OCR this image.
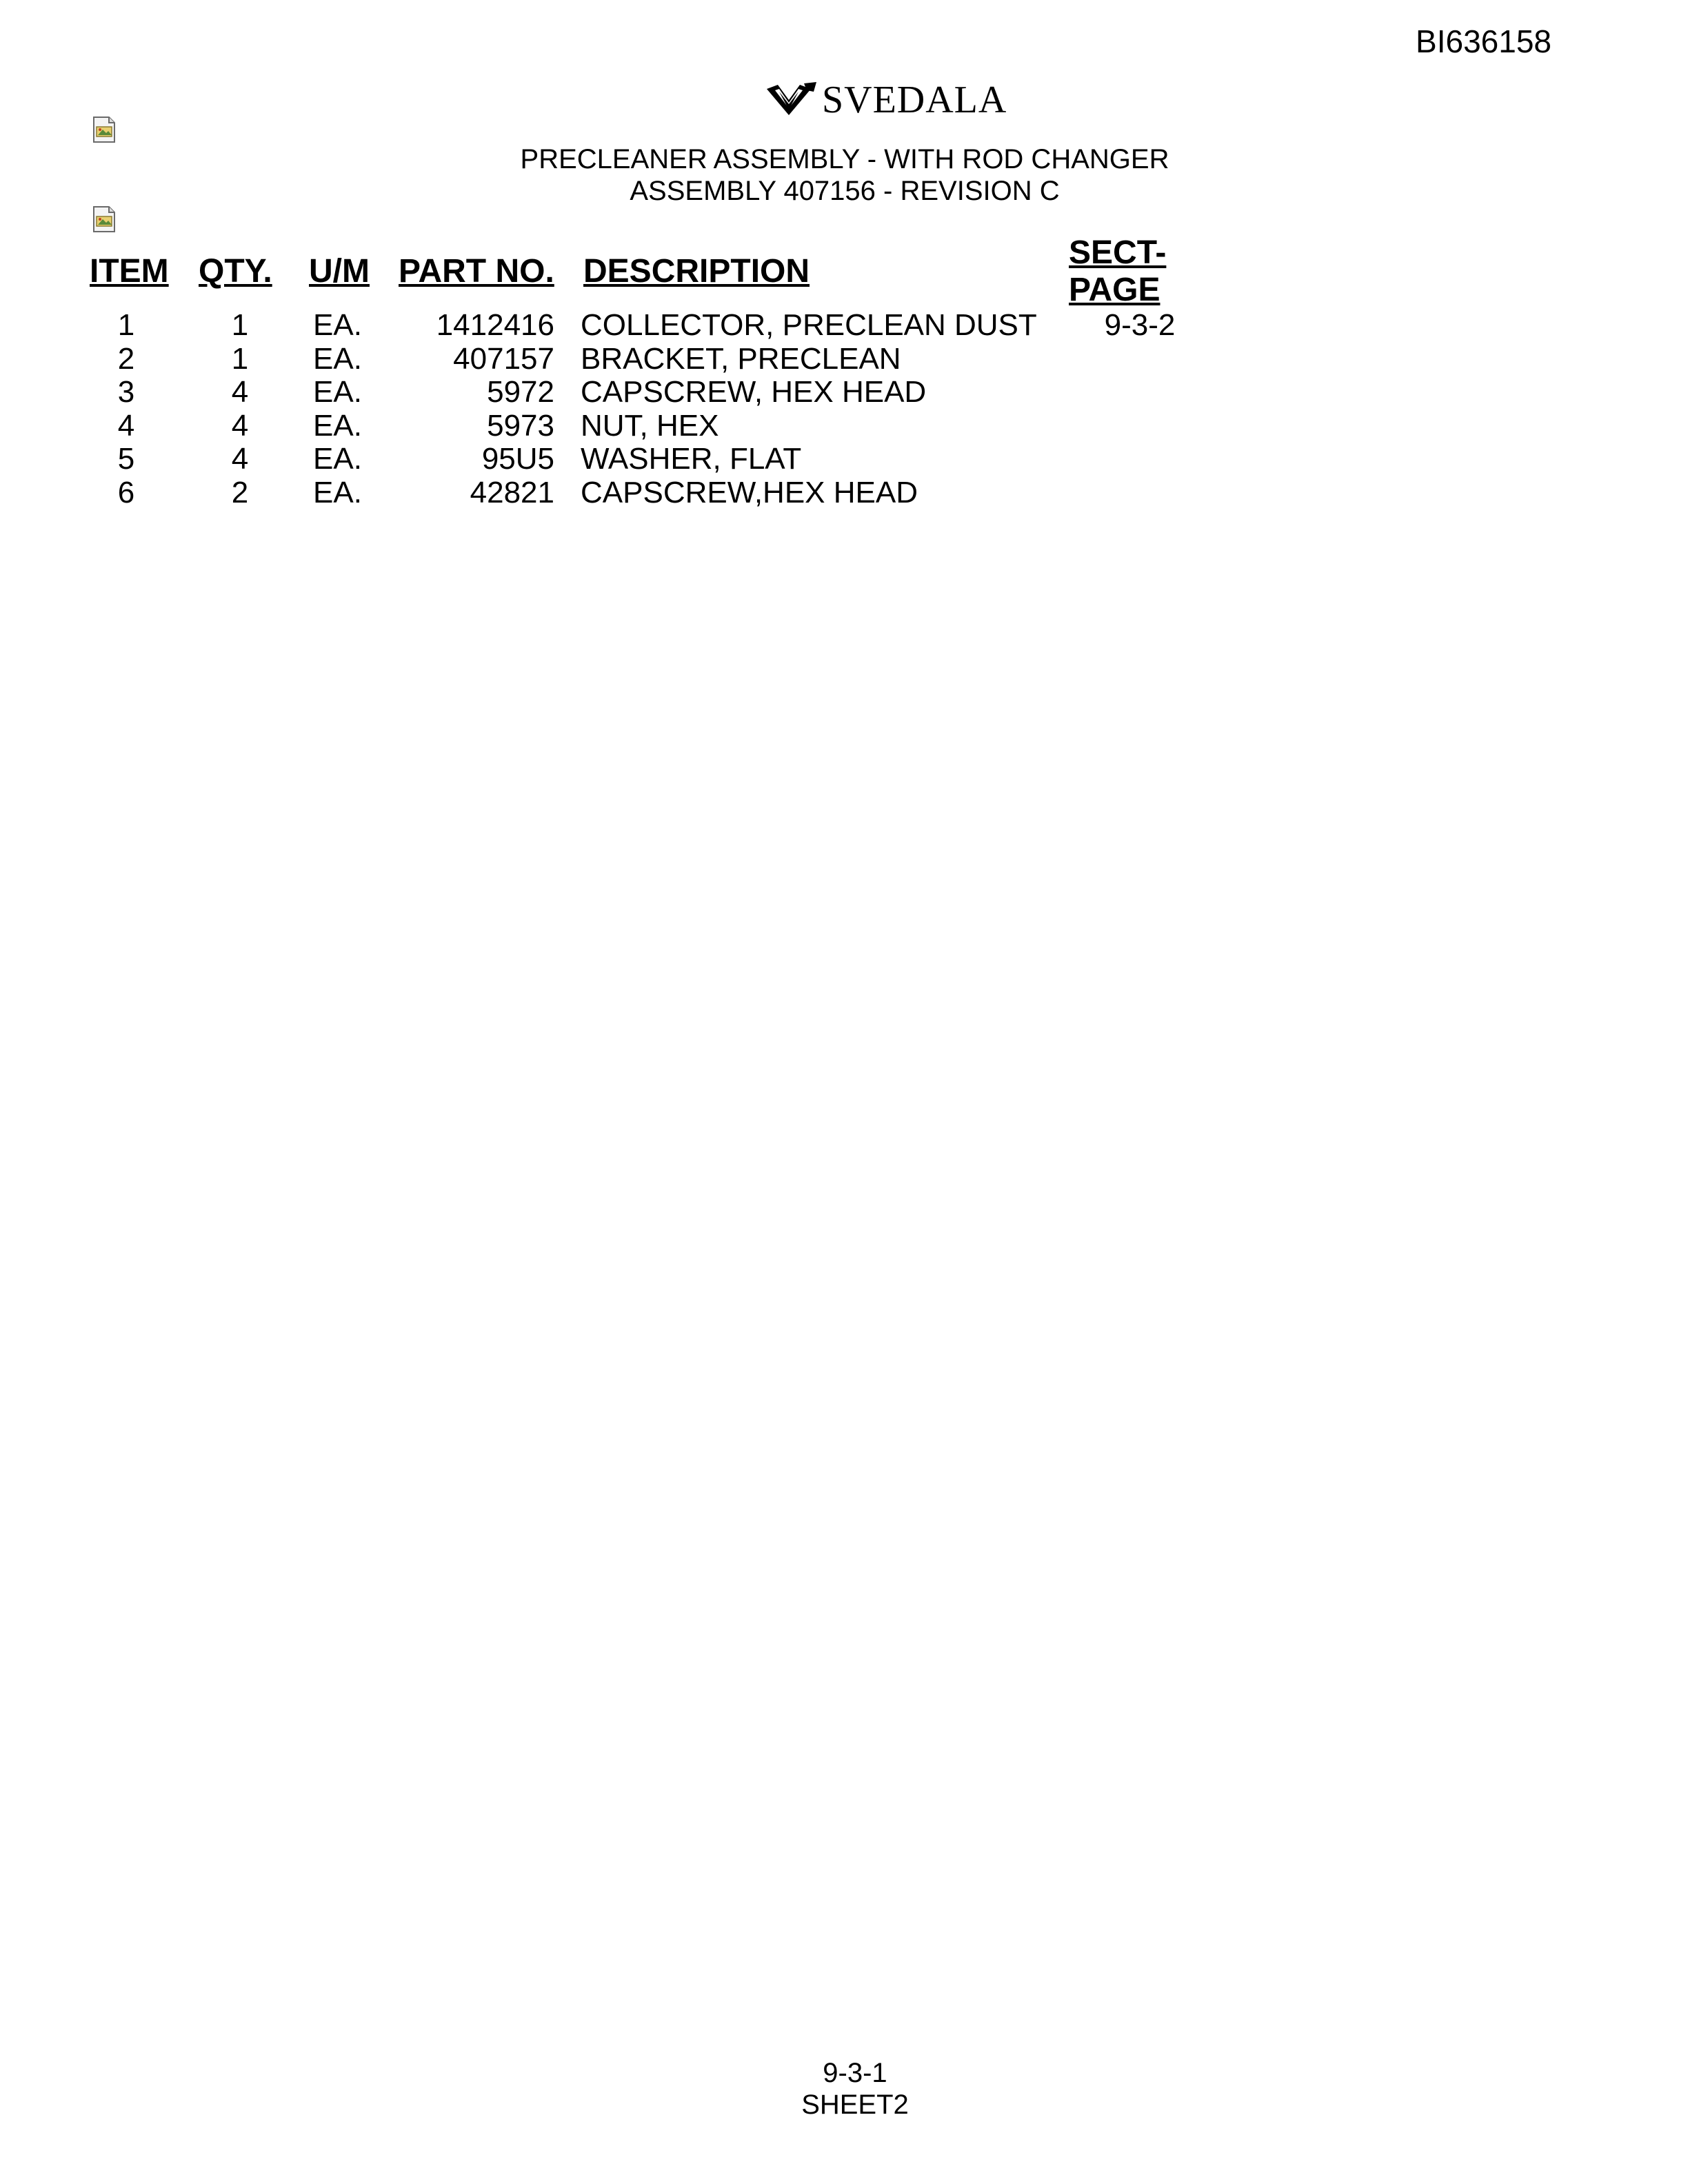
BI636158
SVEDALA
PRECLEANER ASSEMBLY - WITH ROD CHANGER
ASSEMBLY 407156 - REVISION C
ITEM	QTY.	U/M	PART NO.	DESCRIPTION	SECT-PAGE
1	1	EA.	1412416	COLLECTOR, PRECLEAN DUST	9-3-2
2	1	EA.	407157	BRACKET, PRECLEAN	
3	4	EA.	5972	CAPSCREW, HEX HEAD	
4	4	EA.	5973	NUT, HEX	
5	4	EA.	95U5	WASHER, FLAT	
6	2	EA.	42821	CAPSCREW,HEX HEAD	
9-3-1
SHEET2
